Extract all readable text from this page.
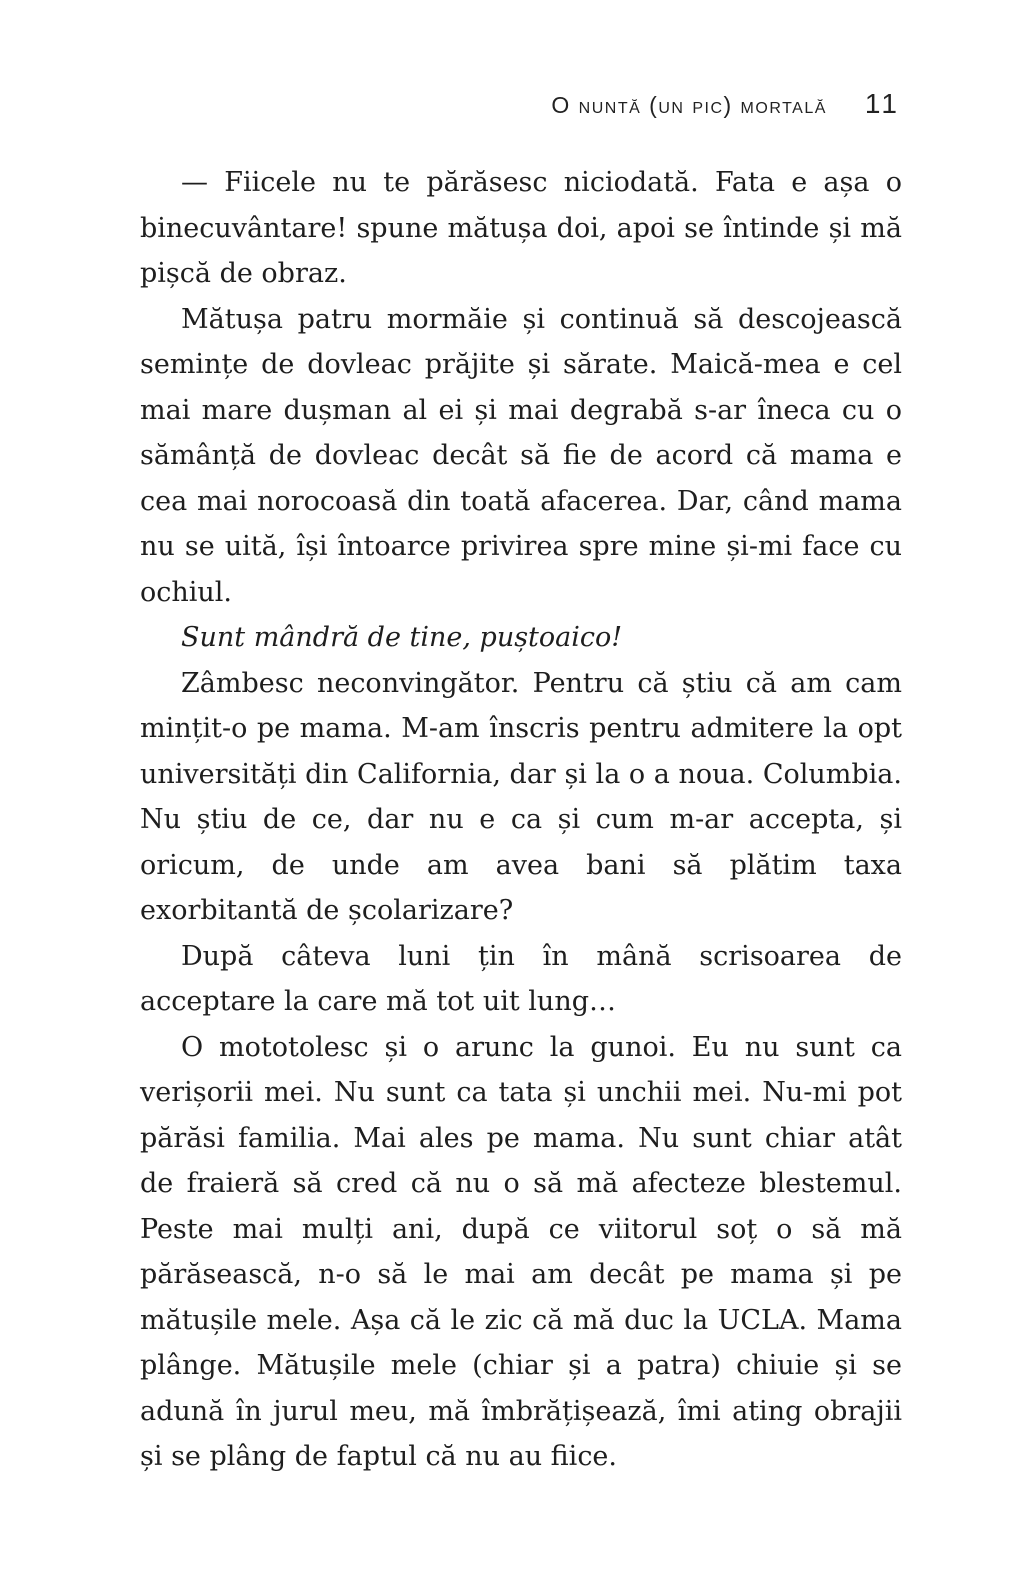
O nuntă (un pic) mortală 11

— Fiicele nu te părăsesc niciodată. Fata e așa o binecuvântare! spune mătușa doi, apoi se întinde și mă pișcă de obraz.

Mătușa patru mormăie și continuă să descojească semințe de dovleac prăjite și sărate. Maică-mea e cel mai mare dușman al ei și mai degrabă s-ar îneca cu o sămânță de dovleac decât să fie de acord că mama e cea mai norocoasă din toată afacerea. Dar, când mama nu se uită, își întoarce privirea spre mine și-mi face cu ochiul.

Sunt mândră de tine, puștoaico!

Zâmbesc neconvingător. Pentru că știu că am cam mințit-o pe mama. M-am înscris pentru admitere la opt universități din California, dar și la o a noua. Columbia. Nu știu de ce, dar nu e ca și cum m-ar accepta, și oricum, de unde am avea bani să plătim taxa exorbitantă de școlarizare?

După câteva luni țin în mână scrisoarea de acceptare la care mă tot uit lung…

O mototolesc și o arunc la gunoi. Eu nu sunt ca verișorii mei. Nu sunt ca tata și unchii mei. Nu-mi pot părăsi familia. Mai ales pe mama. Nu sunt chiar atât de fraieră să cred că nu o să mă afecteze blestemul. Peste mai mulți ani, după ce viitorul soț o să mă părăsească, n-o să le mai am decât pe mama și pe mătușile mele. Așa că le zic că mă duc la UCLA. Mama plânge. Mătușile mele (chiar și a patra) chiuie și se adună în jurul meu, mă îmbrățișează, îmi ating obrajii și se plâng de faptul că nu au fiice.
